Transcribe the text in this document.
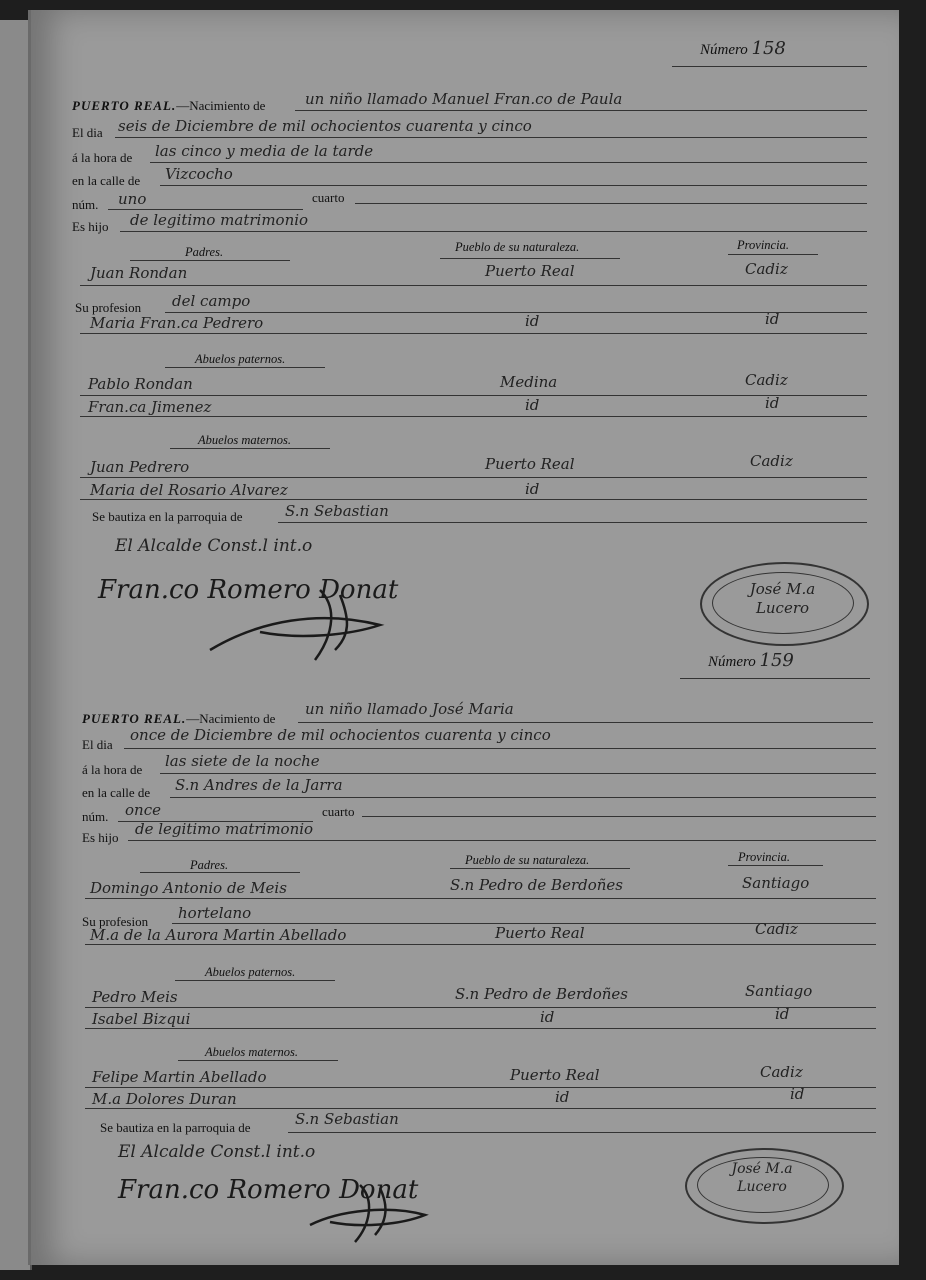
Número 158
PUERTO REAL.—Nacimiento de	un niño llamado Manuel Fran.co de Paula
El dia seis de Diciembre de mil ochocientos cuarenta y cinco
á la hora de las cinco y media de la tarde
en la calle de Vizcocho
núm. uno	cuarto
Es hijo de legitimo matrimonio
Padres.	Pueblo de su naturaleza.	Provincia.
Juan Rondan	Puerto Real	Cadiz
Su profesion del campo
Maria Fran.ca Pedrero	id	id
Abuelos paternos.
Pablo Rondan	Medina	Cadiz
Fran.ca Jimenez	id	id
Abuelos maternos.
Juan Pedrero	Puerto Real	Cadiz
Maria del Rosario Alvarez	id
Se bautiza en la parroquia de	S.n Sebastian
El Alcalde Const.l int.o
Fran.co Romero Donat	José M.a Lucero
Número 159
PUERTO REAL.—Nacimiento de
un niño llamado José Maria
El dia
once de Diciembre de mil ochocientos cuarenta y cinco
á la hora de las siete de la noche
en la calle de S.n Andres de la Jarra
núm. once	cuarto
Es hijo de legitimo matrimonio
Padres.	Pueblo de su naturaleza.	Provincia.
Domingo Antonio de Meis	S.n Pedro de Berdoñes	Santiago
Su profesion hortelano
M.a de la Aurora Martin Abellado	Puerto Real	Cadiz
Abuelos paternos.
Pedro Meis	S.n Pedro de Berdoñes	Santiago
Isabel Bizqui	id	id
Abuelos maternos.
Felipe Martin Abellado	Puerto Real	Cadiz
M.a Dolores Duran	id	id
Se bautiza en la parroquia de	S.n Sebastian
El Alcalde Const.l int.o
Fran.co Romero Donat
José M.a Lucero
